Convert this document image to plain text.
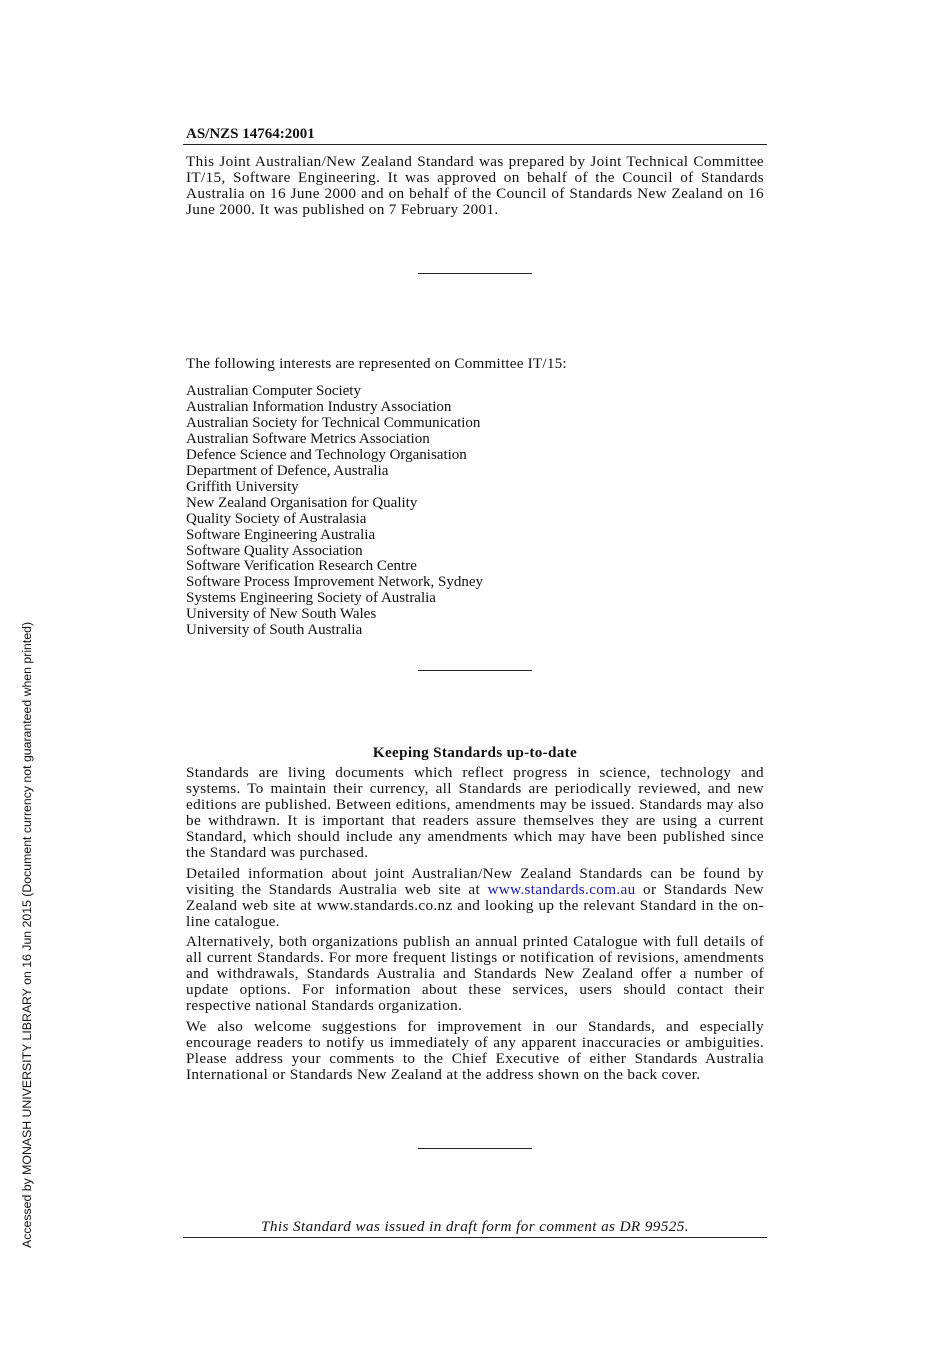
AS/NZS 14764:2001

This Joint Australian/New Zealand Standard was prepared by Joint Technical Committee IT/15, Software Engineering. It was approved on behalf of the Council of Standards Australia on 16 June 2000 and on behalf of the Council of Standards New Zealand on 16 June 2000. It was published on 7 February 2001.

The following interests are represented on Committee IT/15:
Australian Computer Society
Australian Information Industry Association
Australian Society for Technical Communication
Australian Software Metrics Association
Defence Science and Technology Organisation
Department of Defence, Australia
Griffith University
New Zealand Organisation for Quality
Quality Society of Australasia
Software Engineering Australia
Software Quality Association
Software Verification Research Centre
Software Process Improvement Network, Sydney
Systems Engineering Society of Australia
University of New South Wales
University of South Australia
Keeping Standards up-to-date

Standards are living documents which reflect progress in science, technology and systems. To maintain their currency, all Standards are periodically reviewed, and new editions are published. Between editions, amendments may be issued. Standards may also be withdrawn. It is important that readers assure themselves they are using a current Standard, which should include any amendments which may have been published since the Standard was purchased.

Detailed information about joint Australian/New Zealand Standards can be found by visiting the Standards Australia web site at www.standards.com.au or Standards New Zealand web site at www.standards.co.nz and looking up the relevant Standard in the on-line catalogue.

Alternatively, both organizations publish an annual printed Catalogue with full details of all current Standards. For more frequent listings or notification of revisions, amendments and withdrawals, Standards Australia and Standards New Zealand offer a number of update options. For information about these services, users should contact their respective national Standards organization.

We also welcome suggestions for improvement in our Standards, and especially encourage readers to notify us immediately of any apparent inaccuracies or ambiguities. Please address your comments to the Chief Executive of either Standards Australia International or Standards New Zealand at the address shown on the back cover.

This Standard was issued in draft form for comment as DR 99525.
Accessed by MONASH UNIVERSITY LIBRARY on 16 Jun 2015 (Document currency not guaranteed when printed)
